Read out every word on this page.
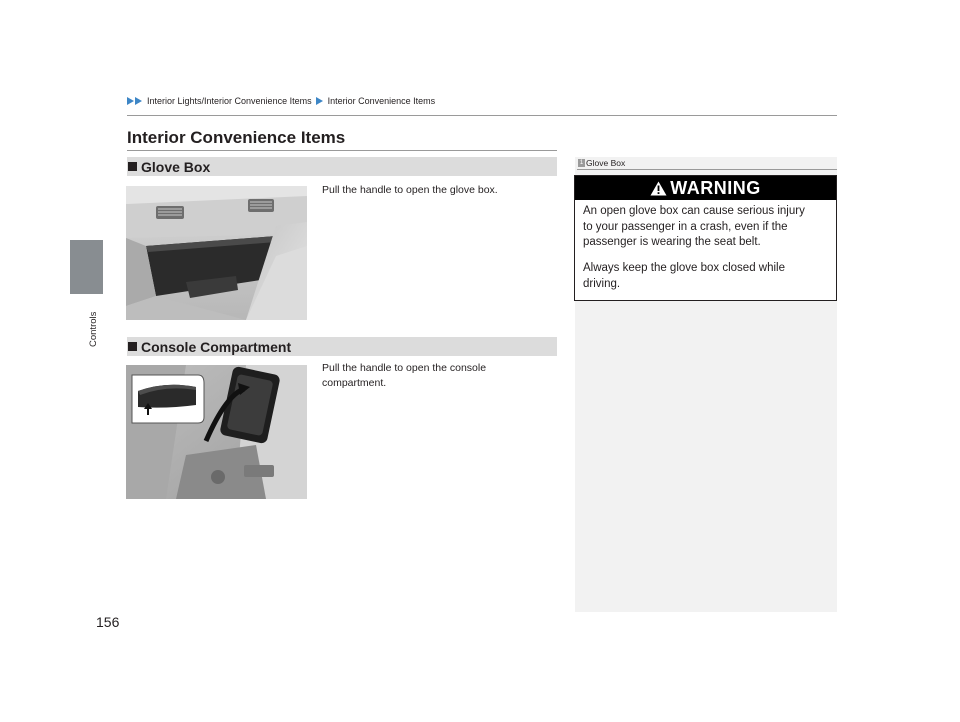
Interior Lights/Interior Convenience Items Interior Convenience Items
Controls
156
Interior Convenience Items
Glove Box
Pull the handle to open the glove box.
Console Compartment
Pull the handle to open the console
compartment.
1 Glove Box
WARNING
An open glove box can cause serious injury
to your passenger in a crash, even if the
passenger is wearing the seat belt.
Always keep the glove box closed while
driving.
